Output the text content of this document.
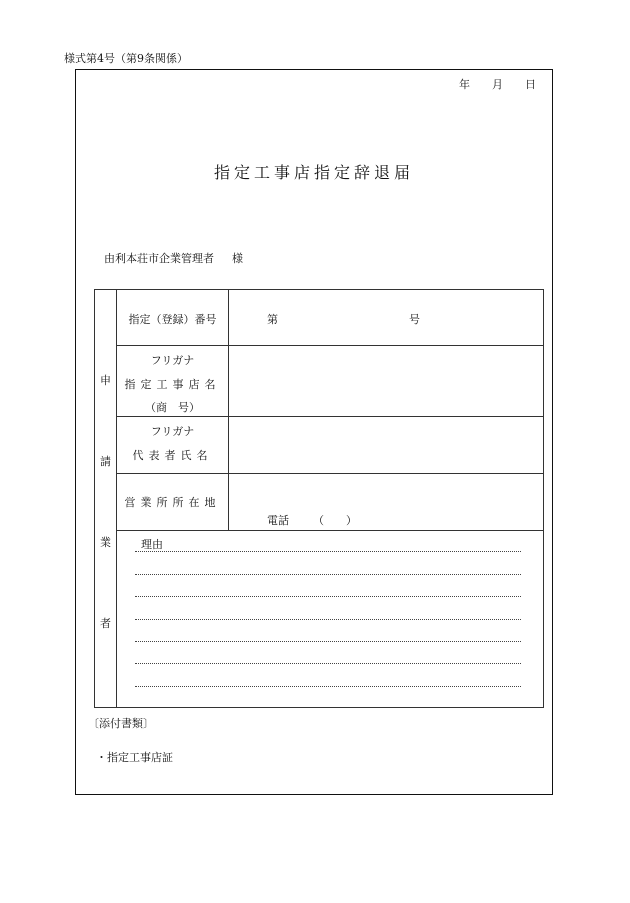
様式第4号（第9条関係）
年 月 日
指定工事店指定辞退届
由利本荘市企業管理者 様
申
請
業
者
指定（登録）番号	第	号
フリガナ
指定工事店名
（商　号）
フリガナ
代表者氏名
営業所所在地
電話 （　　）
理由
〔添付書類〕
・指定工事店証
